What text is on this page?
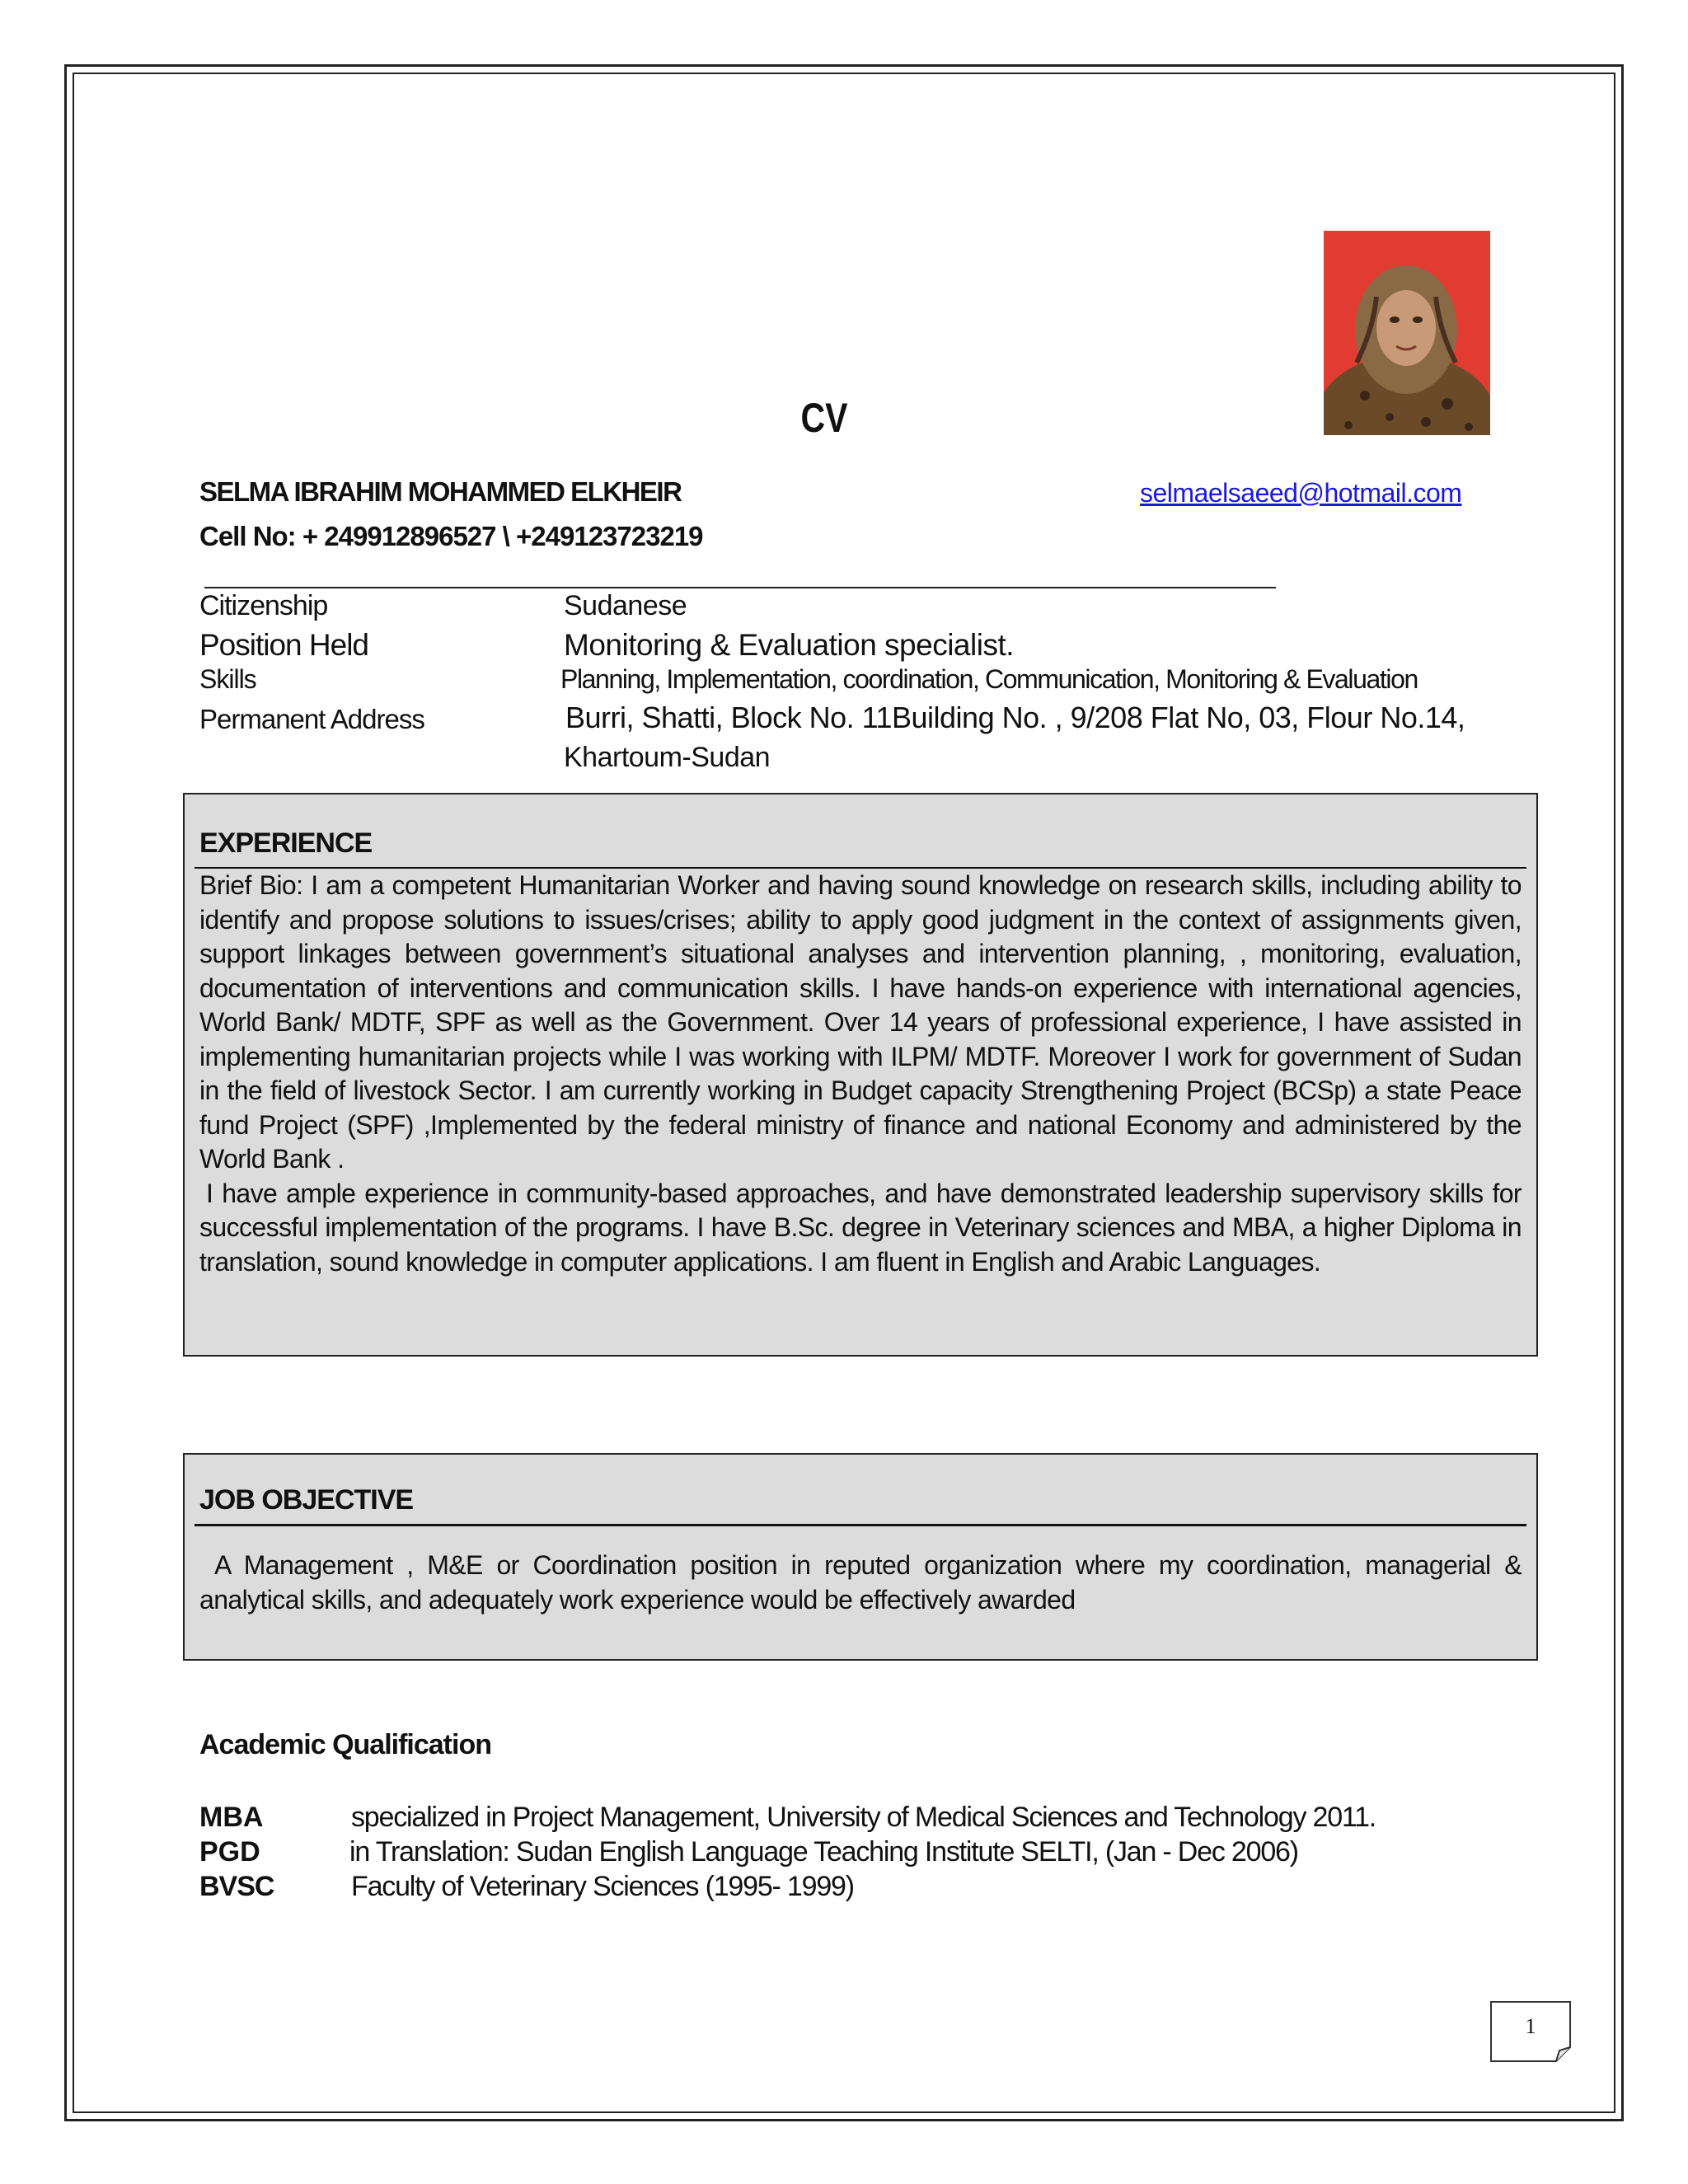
CV
SELMA IBRAHIM MOHAMMED ELKHEIR	selmaelsaeed@hotmail.com
Cell No: + 249912896527 \ +249123723219
Citizenship	Sudanese
Position Held	Monitoring & Evaluation specialist.
Skills	Planning, Implementation, coordination, Communication, Monitoring & Evaluation
Permanent Address	Burri, Shatti, Block No. 11Building No. , 9/208 Flat No, 03, Flour No.14,
Khartoum-Sudan
EXPERIENCE

Brief Bio: I am a competent Humanitarian Worker and having sound knowledge on research skills, including ability to identify and propose solutions to issues/crises; ability to apply good judgment in the context of assignments given, support linkages between government’s situational analyses and intervention planning, , monitoring, evaluation, documentation of interventions and communication skills. I have hands-on experience with international agencies, World Bank/ MDTF, SPF as well as the Government. Over 14 years of professional experience, I have assisted in implementing humanitarian projects while I was working with ILPM/ MDTF. Moreover I work for government of Sudan in the field of livestock Sector. I am currently working in Budget capacity Strengthening Project (BCSp) a state Peace fund Project (SPF) ,Implemented by the federal ministry of finance and national Economy and administered by the World Bank .

I have ample experience in community-based approaches, and have demonstrated leadership supervisory skills for successful implementation of the programs. I have B.Sc. degree in Veterinary sciences and MBA, a higher Diploma in translation, sound knowledge in computer applications. I am fluent in English and Arabic Languages.

JOB OBJECTIVE
A Management , M&E or Coordination position in reputed organization where my coordination, managerial & analytical skills, and adequately work experience would be effectively awarded
Academic Qualification
MBA	specialized in Project Management, University of Medical Sciences and Technology 2011.
PGD	in Translation: Sudan English Language Teaching Institute SELTI, (Jan - Dec 2006)
BVSC	Faculty of Veterinary Sciences (1995- 1999)
1
